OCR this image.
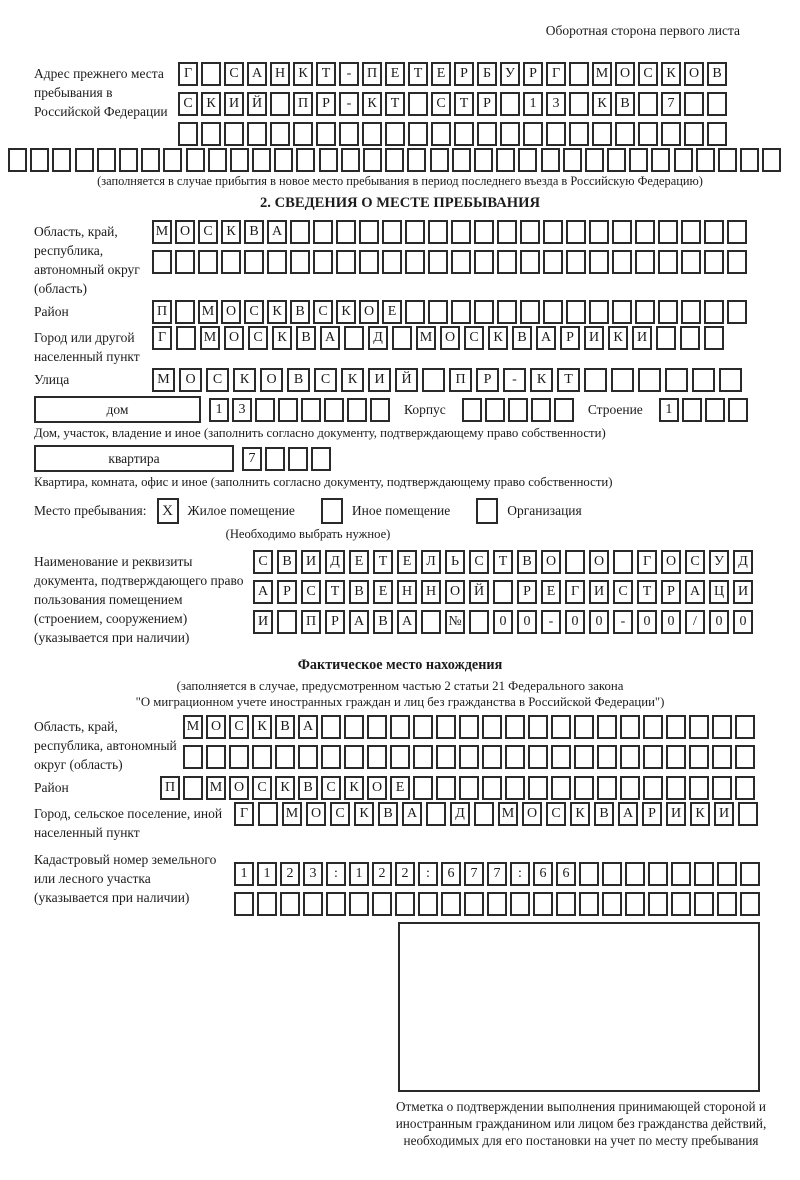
Оборотная сторона первого листа
Адрес прежнего места пребывания в Российской Федерации
Г	С А Н К	Т	-	П Е	Т	Е	Р	Б	У	Р	Г	М О С К О В
С К И Й	П	Р	-	К	Т	С	Т	Р	1	3	К В	7
(заполняется в случае прибытия в новое место пребывания в период последнего въезда в Российскую Федерацию)
2. СВЕДЕНИЯ О МЕСТЕ ПРЕБЫВАНИЯ
Область, край, республика, автономный округ (область)
М О С К В А
Район	П	М О С К В С К О Е
Город или другой населенный пункт
Г	М О	С	К	В	А	Д	М О	С	К	В	А	Р	И	К	И
Улица	М	О	С	К	О	В	С	К	И	Й	П	Р	-	К	Т
дом	1	3	Корпус	Строение	1
Дом, участок, владение и иное (заполнить согласно документу, подтверждающему право собственности)
квартира	7
Квартира, комната, офис и иное (заполнить согласно документу, подтверждающему право собственности)
Место пребывания:	X	Жилое помещение	Иное помещение	Организация
(Необходимо выбрать нужное)
Наименование и реквизиты документа, подтверждающего право пользования помещением (строением, сооружением) (указывается при наличии)
С	В	И	Д	Е	Т	Е	Л	Ь	С	Т	В	О	О	Г	О	С	У	Д
А	Р	С	Т	В	Е	Н Н О Й	Р	Е	Г	И	С	Т	Р	А Ц И
И	П	Р	А	В	А	№	0	0	-	0	0	-	0	0	/	0	0
Фактическое место нахождения
(заполняется в случае, предусмотренном частью 2 статьи 21 Федерального закона
"О миграционном учете иностранных граждан и лиц без гражданства в Российской Федерации")
Область, край, республика, автономный округ (область)
М О С К В А
Район	П	М О С К В С К О Е
Город, сельское поселение, иной населенный пункт
Г	М О	С	К	В	А	Д	М О	С	К	В	А	Р	И	К	И
Кадастровый номер земельного или лесного участка (указывается при наличии)
1	1	2	3	:	1	2	2	:	6	7	7	:	6	6
Отметка о подтверждении выполнения принимающей стороной и иностранным гражданином или лицом без гражданства действий, необходимых для его постановки на учет по месту пребывания
